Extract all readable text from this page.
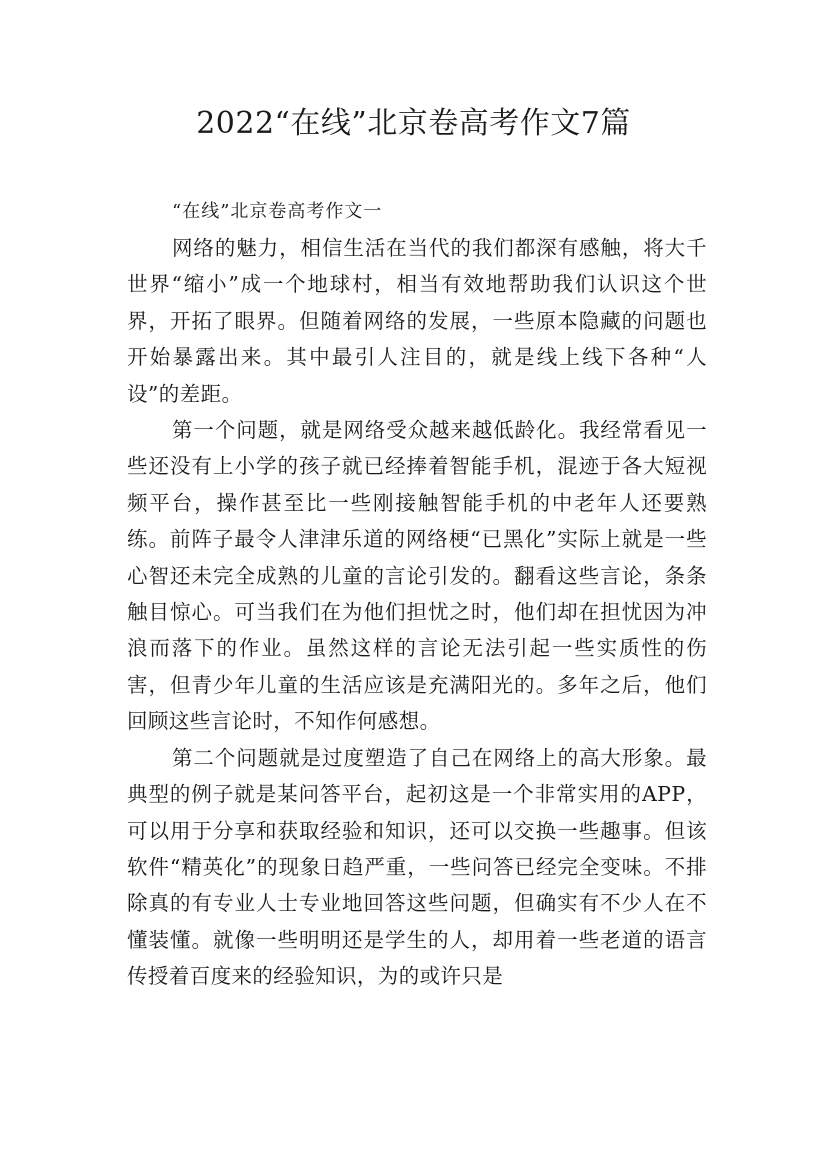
2022“在线”北京卷高考作文7篇

“在线”北京卷高考作文一

网络的魅力，相信生活在当代的我们都深有感触，将大千世界“缩小”成一个地球村，相当有效地帮助我们认识这个世界，开拓了眼界。但随着网络的发展，一些原本隐藏的问题也开始暴露出来。其中最引人注目的，就是线上线下各种“人设”的差距。

第一个问题，就是网络受众越来越低龄化。我经常看见一些还没有上小学的孩子就已经捧着智能手机，混迹于各大短视频平台，操作甚至比一些刚接触智能手机的中老年人还要熟练。前阵子最令人津津乐道的网络梗“已黑化”实际上就是一些心智还未完全成熟的儿童的言论引发的。翻看这些言论，条条触目惊心。可当我们在为他们担忧之时，他们却在担忧因为冲浪而落下的作业。虽然这样的言论无法引起一些实质性的伤害，但青少年儿童的生活应该是充满阳光的。多年之后，他们回顾这些言论时，不知作何感想。

第二个问题就是过度塑造了自己在网络上的高大形象。最典型的例子就是某问答平台，起初这是一个非常实用的APP，可以用于分享和获取经验和知识，还可以交换一些趣事。但该软件“精英化”的现象日趋严重，一些问答已经完全变味。不排除真的有专业人士专业地回答这些问题，但确实有不少人在不懂装懂。就像一些明明还是学生的人，却用着一些老道的语言传授着百度来的经验知识，为的或许只是
